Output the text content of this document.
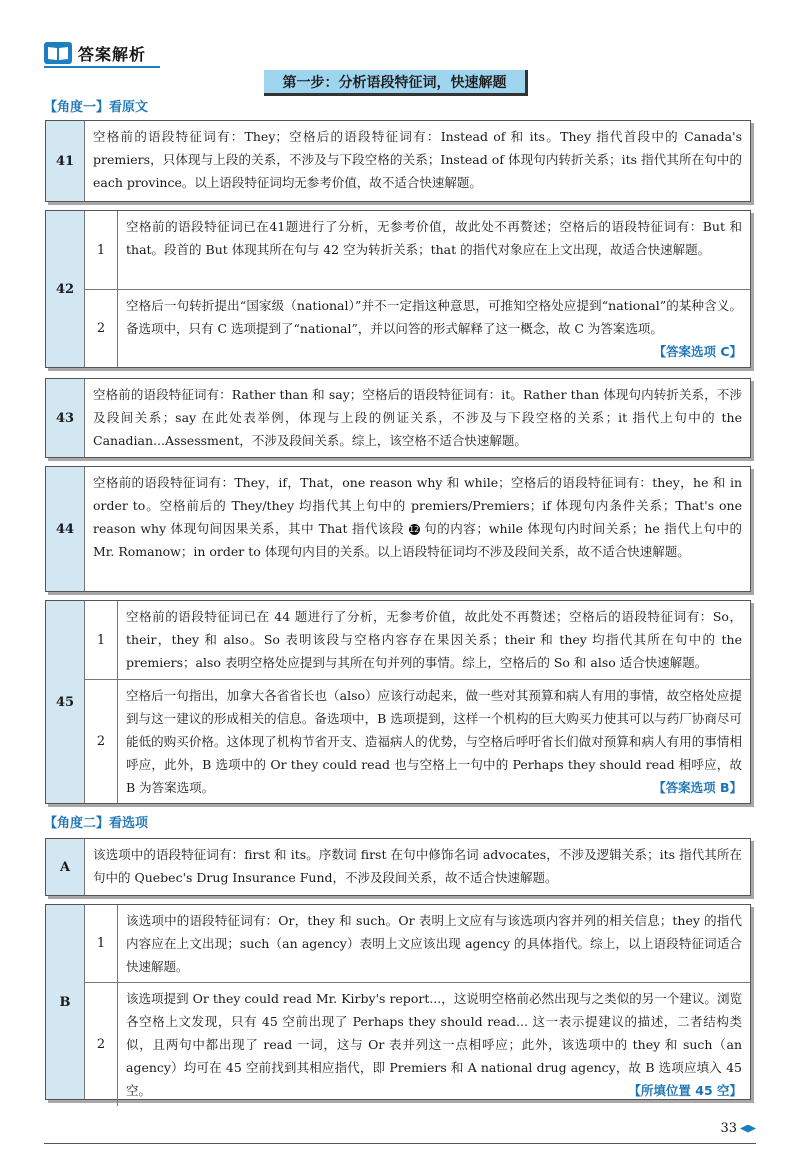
答案解析
第一步：分析语段特征词，快速解题
【角度一】看原文
41
空格前的语段特征词有：They；空格后的语段特征词有：Instead of 和 its。They 指代首段中的 Canada's premiers，只体现与上段的关系，不涉及与下段空格的关系；Instead of 体现句内转折关系；its 指代其所在句中的 each province。以上语段特征词均无参考价值，故不适合快速解题。
42
1
空格前的语段特征词已在41题进行了分析，无参考价值，故此处不再赘述；空格后的语段特征词有：But 和 that。段首的 But 体现其所在句与 42 空为转折关系；that 的指代对象应在上文出现，故适合快速解题。
2
空格后一句转折提出“国家级（national）”并不一定指这种意思，可推知空格处应提到“national”的某种含义。备选项中，只有 C 选项提到了“national”，并以问答的形式解释了这一概念，故 C 为答案选项。
【答案选项 C】
43
空格前的语段特征词有：Rather than 和 say；空格后的语段特征词有：it。Rather than 体现句内转折关系，不涉及段间关系；say 在此处表举例，体现与上段的例证关系，不涉及与下段空格的关系；it 指代上句中的 the Canadian...Assessment，不涉及段间关系。综上，该空格不适合快速解题。
44
空格前的语段特征词有：They，if，That，one reason why 和 while；空格后的语段特征词有：they，he 和 in order to。空格前后的 They/they 均指代其上句中的 premiers/Premiers；if 体现句内条件关系；That's one reason why 体现句间因果关系，其中 That 指代该段 12 句的内容；while 体现句内时间关系；he 指代上句中的 Mr. Romanow；in order to 体现句内目的关系。以上语段特征词均不涉及段间关系，故不适合快速解题。
45
1
空格前的语段特征词已在 44 题进行了分析，无参考价值，故此处不再赘述；空格后的语段特征词有：So，their，they 和 also。So 表明该段与空格内容存在果因关系；their 和 they 均指代其所在句中的 the premiers；also 表明空格处应提到与其所在句并列的事情。综上，空格后的 So 和 also 适合快速解题。
2
空格后一句指出，加拿大各省省长也（also）应该行动起来，做一些对其预算和病人有用的事情，故空格处应提到与这一建议的形成相关的信息。备选项中，B 选项提到，这样一个机构的巨大购买力使其可以与药厂协商尽可能低的购买价格。这体现了机构节省开支、造福病人的优势，与空格后呼吁省长们做对预算和病人有用的事情相呼应，此外，B 选项中的 Or they could read 也与空格上一句中的 Perhaps they should read 相呼应，故 B 为答案选项。	【答案选项 B】
【角度二】看选项
A
该选项中的语段特征词有：first 和 its。序数词 first 在句中修饰名词 advocates，不涉及逻辑关系；its 指代其所在句中的 Quebec's Drug Insurance Fund，不涉及段间关系，故不适合快速解题。
B
1
该选项中的语段特征词有：Or，they 和 such。Or 表明上文应有与该选项内容并列的相关信息；they 的指代内容应在上文出现；such（an agency）表明上文应该出现 agency 的具体指代。综上，以上语段特征词适合快速解题。
2
该选项提到 Or they could read Mr. Kirby's report...，这说明空格前必然出现与之类似的另一个建议。浏览各空格上文发现，只有 45 空前出现了 Perhaps they should read... 这一表示提建议的描述，二者结构类似，且两句中都出现了 read 一词，这与 Or 表并列这一点相呼应；此外，该选项中的 they 和 such（an agency）均可在 45 空前找到其相应指代，即 Premiers 和 A national drug agency，故 B 选项应填入 45 空。	【所填位置 45 空】
33
